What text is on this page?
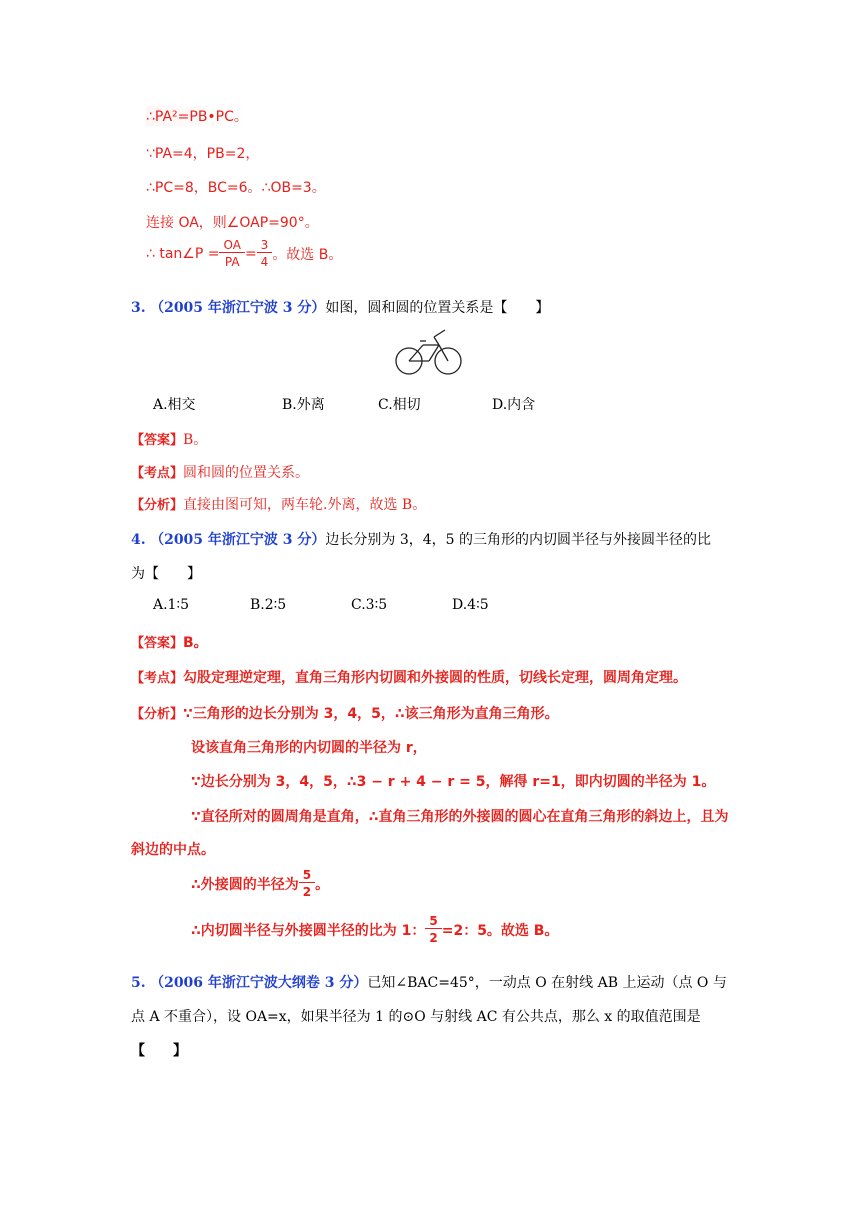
∴PA²=PB•PC。
∵PA=4，PB=2，
∴PC=8，BC=6。∴OB=3。
连接 OA，则∠OAP=90°。
∴ tan∠P = $\frac{OA}{PA} = \frac{3}{4}$ 。故选 B。
3. （2005 年浙江宁波 3 分）如图，圆和圆的位置关系是【　　】
A.相交	B.外离	C.相切	D.内含
【答案】B。
【考点】圆和圆的位置关系。
【分析】直接由图可知，两车轮.外离，故选 B。
4. （2005 年浙江宁波 3 分）边长分别为 3，4，5 的三角形的内切圆半径与外接圆半径的比
为【　　】
A.1∶5	B.2∶5	C.3∶5	D.4∶5
【答案】B。
【考点】勾股定理逆定理，直角三角形内切圆和外接圆的性质，切线长定理，圆周角定理。
【分析】∵三角形的边长分别为 3，4，5，∴该三角形为直角三角形。
设该直角三角形的内切圆的半径为 r，
∵边长分别为 3，4，5，∴3 − r + 4 − r = 5，解得 r=1，即内切圆的半径为 1。
∵直径所对的圆周角是直角，∴直角三角形的外接圆的圆心在直角三角形的斜边上，且为
斜边的中点。
∴外接圆的半径为 $\frac{5}{2}$ 。
∴内切圆半径与外接圆半径的比为 1： $\frac{5}{2} =2$：5。故选 B。
5. （2006 年浙江宁波大纲卷 3 分）已知∠BAC=45°，一动点 O 在射线 AB 上运动（点 O 与
点 A 不重合），设 OA=x，如果半径为 1 的⊙O 与射线 AC 有公共点，那么 x 的取值范围是
【　　】
